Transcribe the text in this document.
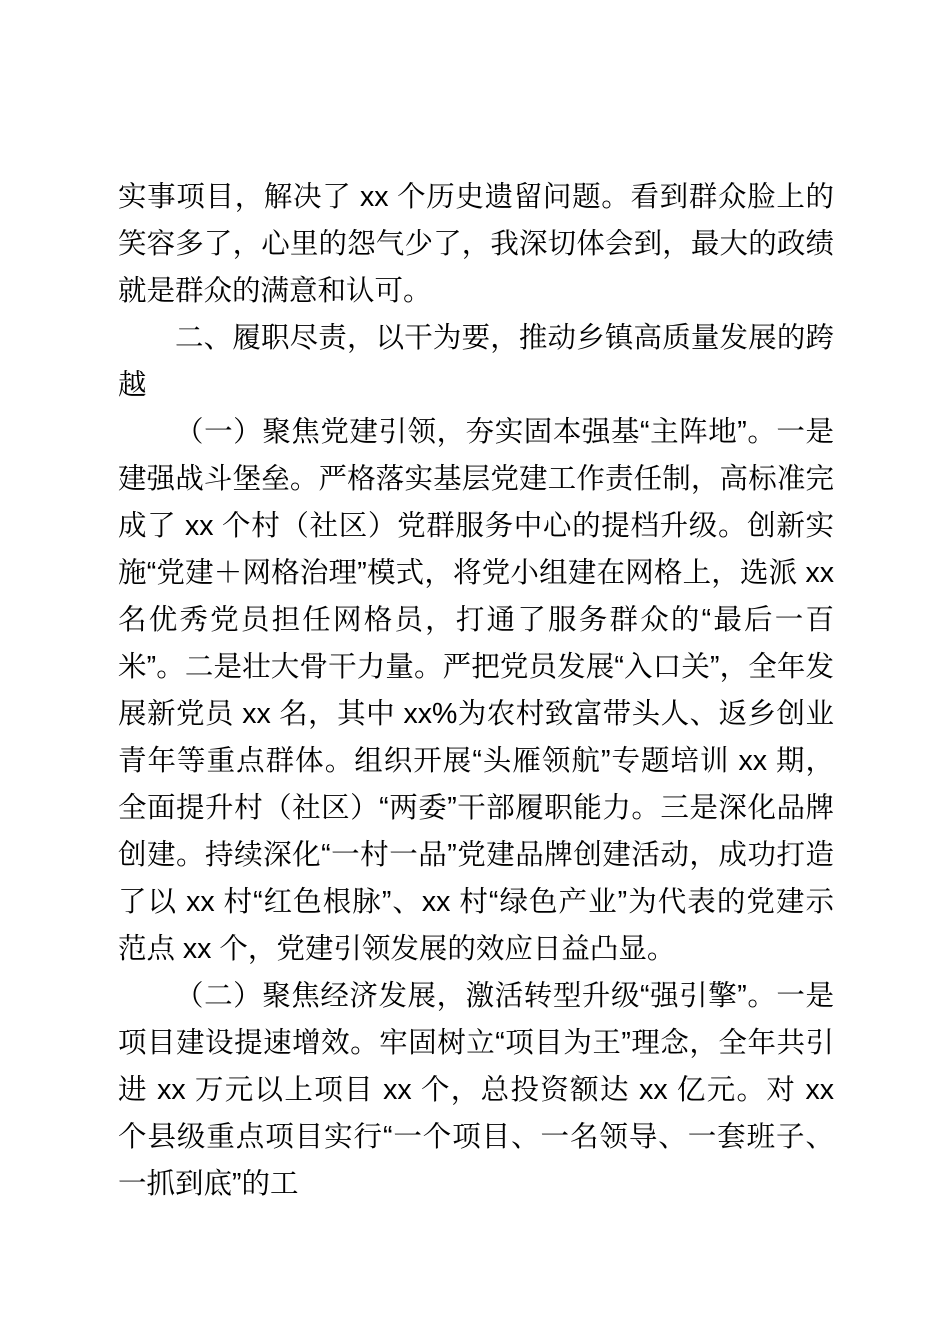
实事项目，解决了 xx 个历史遗留问题。看到群众脸上的笑容多了，心里的怨气少了，我深切体会到，最大的政绩就是群众的满意和认可。

二、履职尽责，以干为要，推动乡镇高质量发展的跨越

（一）聚焦党建引领，夯实固本强基“主阵地”。一是建强战斗堡垒。严格落实基层党建工作责任制，高标准完成了 xx 个村（社区）党群服务中心的提档升级。创新实施“党建＋网格治理”模式，将党小组建在网格上，选派 xx 名优秀党员担任网格员，打通了服务群众的“最后一百米”。二是壮大骨干力量。严把党员发展“入口关”，全年发展新党员 xx 名，其中 xx%为农村致富带头人、返乡创业青年等重点群体。组织开展“头雁领航”专题培训 xx 期，全面提升村（社区）“两委”干部履职能力。三是深化品牌创建。持续深化“一村一品”党建品牌创建活动，成功打造了以 xx 村“红色根脉”、xx 村“绿色产业”为代表的党建示范点 xx 个，党建引领发展的效应日益凸显。

（二）聚焦经济发展，激活转型升级“强引擎”。一是项目建设提速增效。牢固树立“项目为王”理念，全年共引进 xx 万元以上项目 xx 个，总投资额达 xx 亿元。对 xx 个县级重点项目实行“一个项目、一名领导、一套班子、一抓到底”的工
